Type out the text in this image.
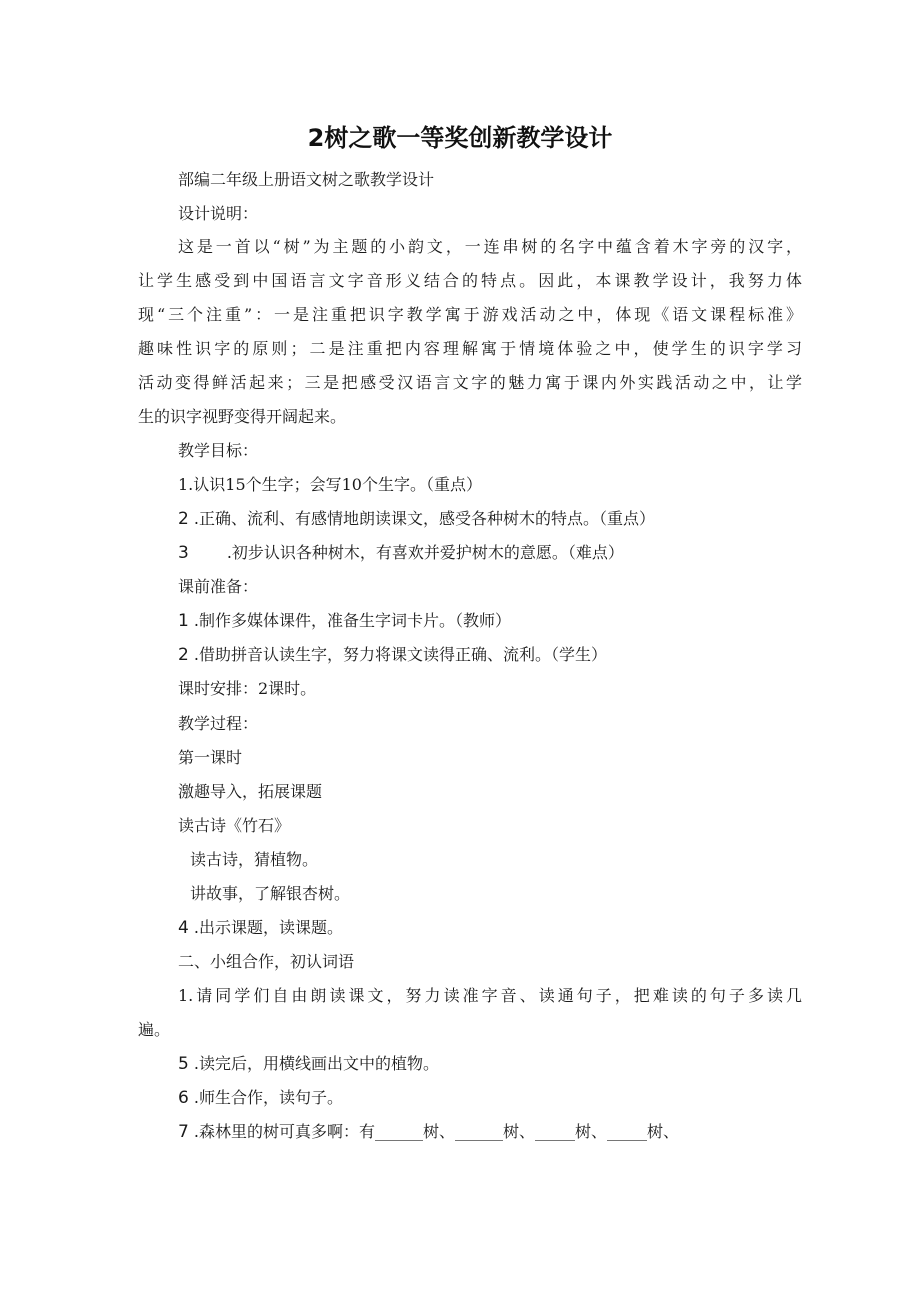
2树之歌一等奖创新教学设计
部编二年级上册语文树之歌教学设计
设计说明：
这是一首以“树”为主题的小韵文，一连串树的名字中蕴含着木字旁的汉字，
让学生感受到中国语言文字音形义结合的特点。因此，本课教学设计，我努力体
现“三个注重”：一是注重把识字教学寓于游戏活动之中，体现《语文课程标准》
趣味性识字的原则；二是注重把内容理解寓于情境体验之中，使学生的识字学习
活动变得鲜活起来；三是把感受汉语言文字的魅力寓于课内外实践活动之中，让学
生的识字视野变得开阔起来。
教学目标：
1.认识15个生字；会写10个生字。（重点）
2 .正确、流利、有感情地朗读课文，感受各种树木的特点。（重点）
3 .初步认识各种树木，有喜欢并爱护树木的意愿。（难点）
课前准备：
1 .制作多媒体课件，准备生字词卡片。（教师）
2 .借助拼音认读生字，努力将课文读得正确、流利。（学生）
课时安排：2课时。
教学过程：
第一课时
激趣导入，拓展课题
读古诗《竹石》
读古诗，猜植物。
讲故事，了解银杏树。
4 .出示课题，读课题。
二、小组合作，初认词语
1.请同学们自由朗读课文，努力读准字音、读通句子，把难读的句子多读几
遍。
5 .读完后，用横线画出文中的植物。
6 .师生合作，读句子。
7 .森林里的树可真多啊：有______树、______树、_____树、_____树、
